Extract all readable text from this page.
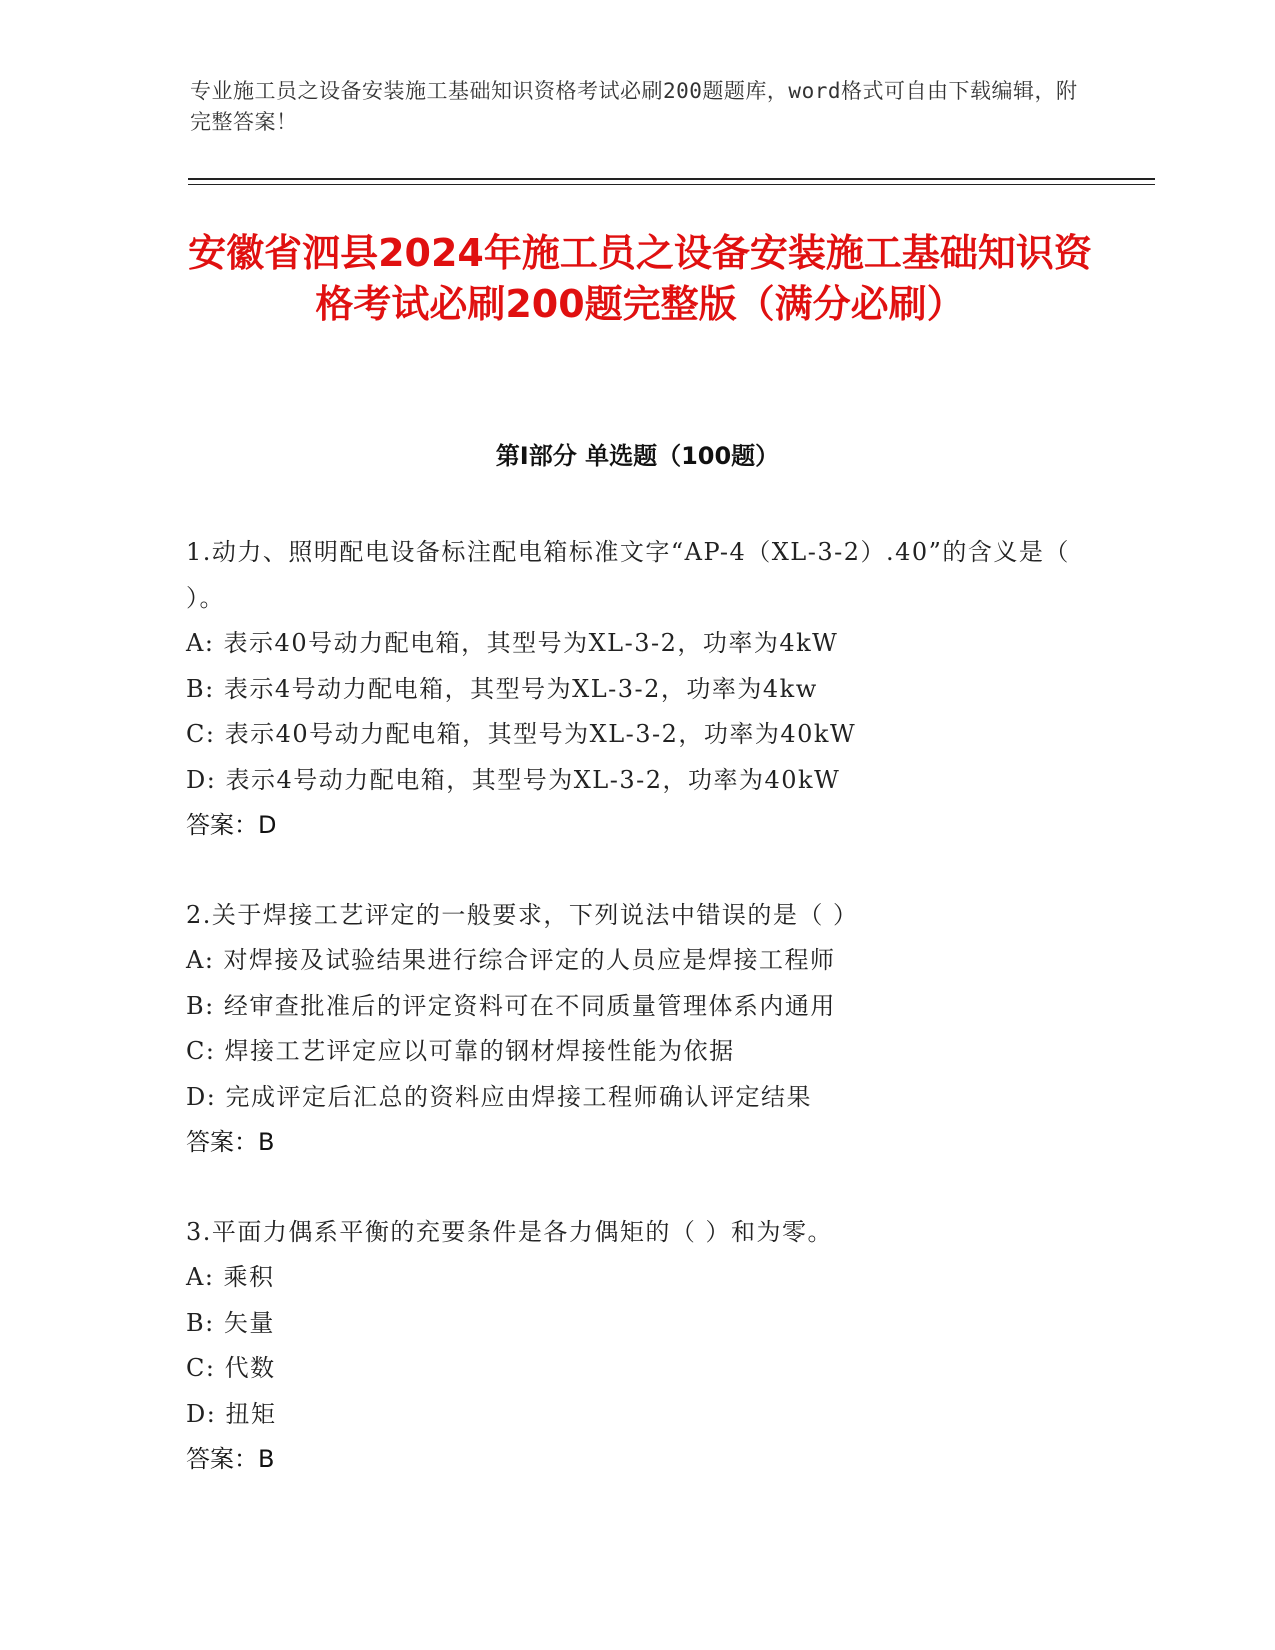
专业施工员之设备安装施工基础知识资格考试必刷200题题库，word格式可自由下载编辑，附完整答案！
安徽省泗县2024年施工员之设备安装施工基础知识资格考试必刷200题完整版（满分必刷）
第I部分 单选题（100题）
1.动力、照明配电设备标注配电箱标准文字“AP-4（XL-3-2）.40”的含义是（ ）。
A: 表示40号动力配电箱，其型号为XL-3-2，功率为4kW
B: 表示4号动力配电箱，其型号为XL-3-2，功率为4kw
C: 表示40号动力配电箱，其型号为XL-3-2，功率为40kW
D: 表示4号动力配电箱，其型号为XL-3-2，功率为40kW
答案：D
2.关于焊接工艺评定的一般要求，下列说法中错误的是（ ）
A: 对焊接及试验结果进行综合评定的人员应是焊接工程师
B: 经审查批准后的评定资料可在不同质量管理体系内通用
C: 焊接工艺评定应以可靠的钢材焊接性能为依据
D: 完成评定后汇总的资料应由焊接工程师确认评定结果
答案：B
3.平面力偶系平衡的充要条件是各力偶矩的（ ）和为零。
A: 乘积
B: 矢量
C: 代数
D: 扭矩
答案：B
